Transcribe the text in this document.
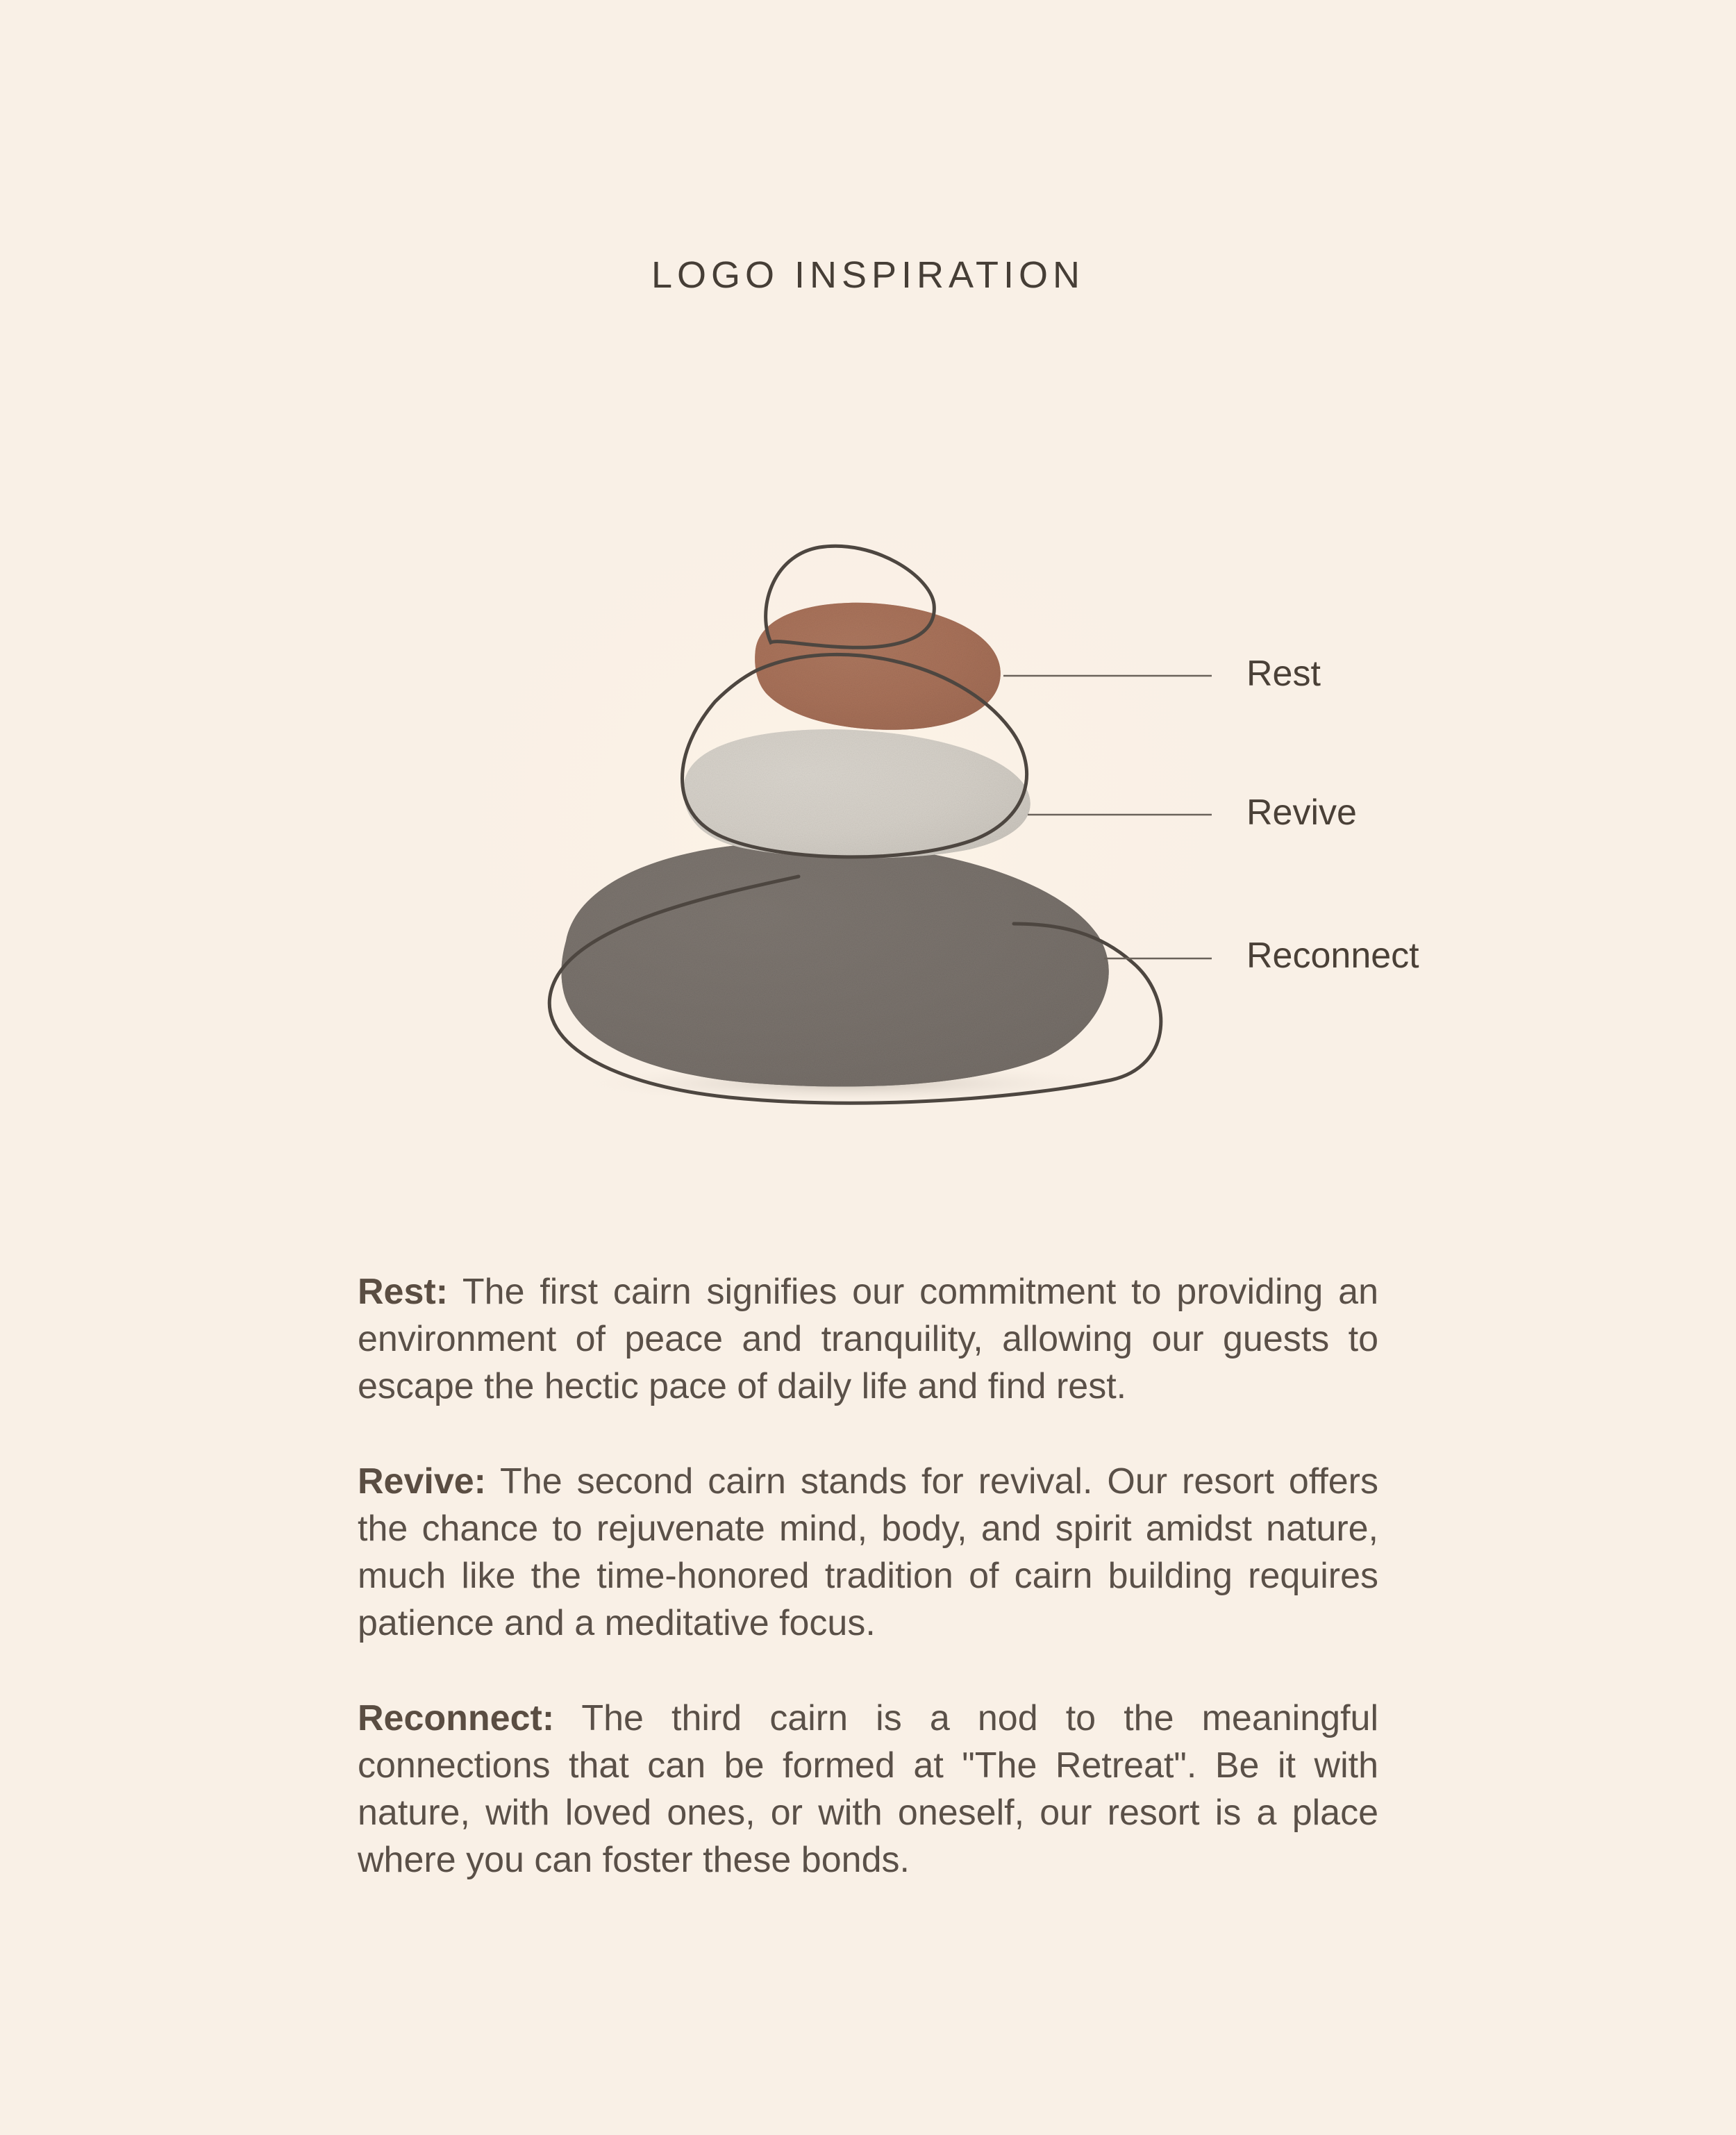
LOGO INSPIRATION
Rest
Revive
Reconnect
Rest: The first cairn signifies our commitment to providing an environment of peace and tranquility, allowing our guests to escape the hectic pace of daily life and find rest.
Revive: The second cairn stands for revival. Our resort offers the chance to rejuvenate mind, body, and spirit amidst nature, much like the time-honored tradition of cairn building requires patience and a meditative focus.
Reconnect: The third cairn is a nod to the meaningful connections that can be formed at "The Retreat". Be it with nature, with loved ones, or with oneself, our resort is a place where you can foster these bonds.
